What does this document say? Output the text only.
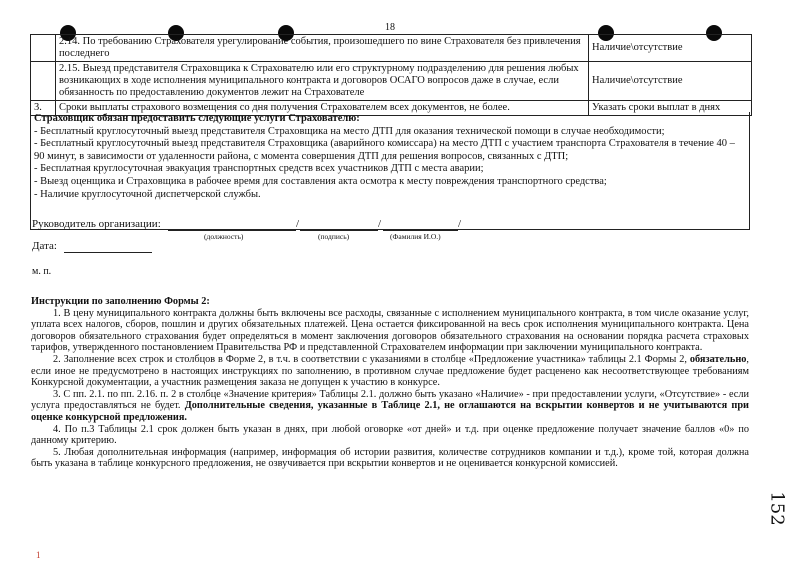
18
	2.14. По требованию Страхователя урегулирование события, произошедшего по вине Страхователя без привлечения последнего	Наличие\отсутствие
	2.15. Выезд представителя Страховщика к Страхователю или его структурному подразделению для решения любых возникающих в ходе исполнения муниципального контракта и договоров ОСАГО вопросов даже в случае, если обязанность по предоставлению документов лежит на Страхователе	Наличие\отсутствие
3.	Сроки выплаты страхового возмещения со дня получения Страхователем всех документов, не более.	Указать сроки выплат в днях
Страховщик обязан предоставить следующие услуги Страхователю:
- Бесплатный круглосуточный выезд представителя Страховщика на место ДТП для оказания технической помощи в случае необходимости;
- Бесплатный круглосуточный выезд представителя Страховщика (аварийного комиссара) на место ДТП с участием транспорта Страхователя в течение 40 – 90 минут, в зависимости от удаленности района, с момента совершения ДТП для решения вопросов, связанных с ДТП;
- Бесплатная круглосуточная эвакуация транспортных средств всех участников ДТП с места аварии;
- Выезд оценщика и Страховщика в рабочее время для составления акта осмотра к месту повреждения транспортного средства;
- Наличие круглосуточной диспетчерской службы.
Руководитель организации:	/	/	/
(должность)	(подпись)	(Фамилия И.О.)
Дата:
м. п.

Инструкции по заполнению Формы 2:

1. В цену муниципального контракта должны быть включены все расходы, связанные с исполнением муниципального контракта, в том числе оказание услуг, уплата всех налогов, сборов, пошлин и других обязательных платежей. Цена остается фиксированной на весь срок исполнения муниципального контракта. Цена договоров обязательного страхования будет определяться в момент заключения договоров обязательного страхования на основании порядка расчета страховых тарифов, утвержденного постановлением Правительства РФ и представленной Страхователем информации при заключении муниципального контракта.

2. Заполнение всех строк и столбцов в Форме 2, в т.ч. в соответствии с указаниями в столбце «Предложение участника» таблицы 2.1 Формы 2, обязательно, если иное не предусмотрено в настоящих инструкциях по заполнению, в противном случае предложение будет расценено как несоответствующее требованиям Конкурсной документации, а участник размещения заказа не допущен к участию в конкурсе.

3. С пп. 2.1. по пп. 2.16. п. 2 в столбце «Значение критерия» Таблицы 2.1. должно быть указано «Наличие» - при предоставлении услуги, «Отсутствие» - если услуга предоставляться не будет. Дополнительные сведения, указанные в Таблице 2.1, не оглашаются на вскрытии конвертов и не учитываются при оценке конкурсной предложения.

4. По п.3 Таблицы 2.1 срок должен быть указан в днях, при любой оговорке «от дней» и т.д. при оценке предложение получает значение баллов «0» по данному критерию.

5. Любая дополнительная информация (например, информация об истории развития, количестве сотрудников компании и т.д.), кроме той, которая должна быть указана в таблице конкурсного предложения, не озвучивается при вскрытии конвертов и не оценивается конкурсной комиссией.

152
1
